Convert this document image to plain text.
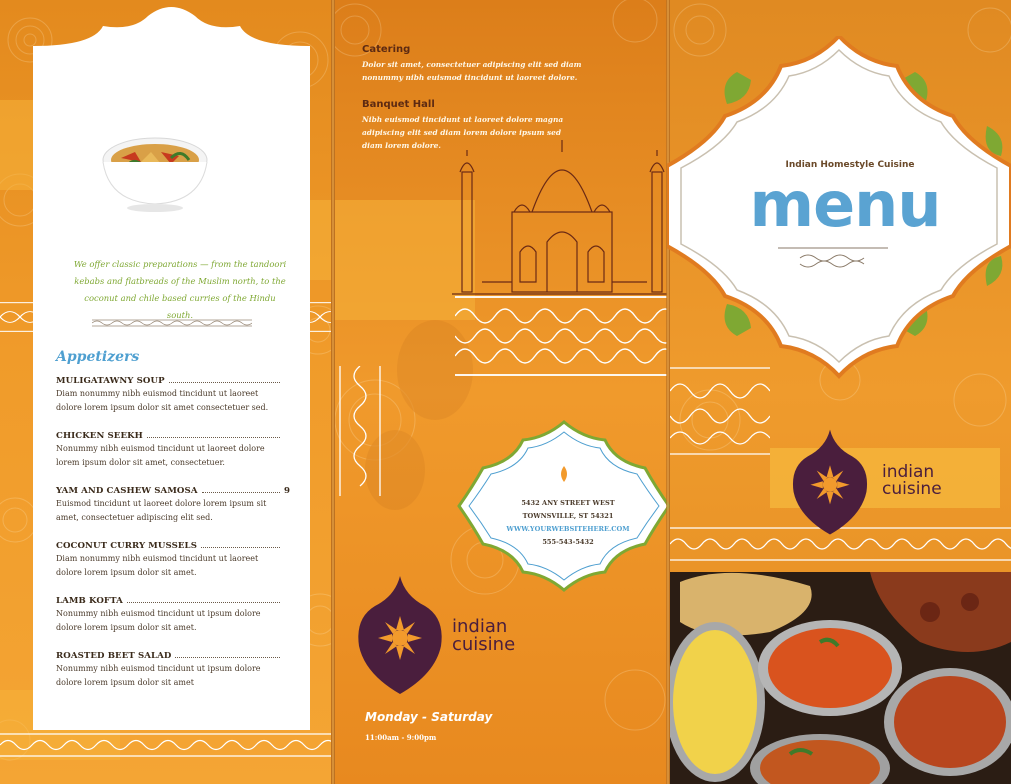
We offer classic preparations — from the tandoori kebabs and flatbreads of the Muslim north, to the coconut and chile based curries of the Hindu south.
Appetizers
MULIGATAWNY SOUP
Diam nonummy nibh euismod tincidunt ut laoreet dolore lorem ipsum dolor sit amet consectetuer sed.
CHICKEN SEEKH
Nonummy nibh euismod tincidunt ut laoreet dolore lorem ipsum dolor sit amet, consectetuer.
YAM AND CASHEW SAMOSA	9
Euismod tincidunt ut laoreet dolore lorem ipsum sit amet, consectetuer adipiscing elit sed.
COCONUT CURRY MUSSELS
Diam nonummy nibh euismod tincidunt ut laoreet dolore lorem ipsum dolor sit amet.
LAMB KOFTA
Nonummy nibh euismod tincidunt ut ipsum dolore dolore lorem ipsum dolor sit amet.
ROASTED BEET SALAD
Nonummy nibh euismod tincidunt ut ipsum dolore dolore lorem ipsum dolor sit amet
Catering
Dolor sit amet, consectetuer adipiscing elit sed diam nonummy nibh euismod tincidunt ut laoreet dolore.
Banquet Hall
Nibh euismod tincidunt ut laoreet dolore magna adipiscing elit sed diam lorem dolore ipsum sed diam lorem dolore.
5432 ANY STREET WEST
TOWNSVILLE, ST 54321
WWW.YOURWEBSITEHERE.COM
555-543-5432
indian
cuisine
Monday - Saturday
11:00am - 9:00pm
Indian Homestyle Cuisine
menu
indian
cuisine
